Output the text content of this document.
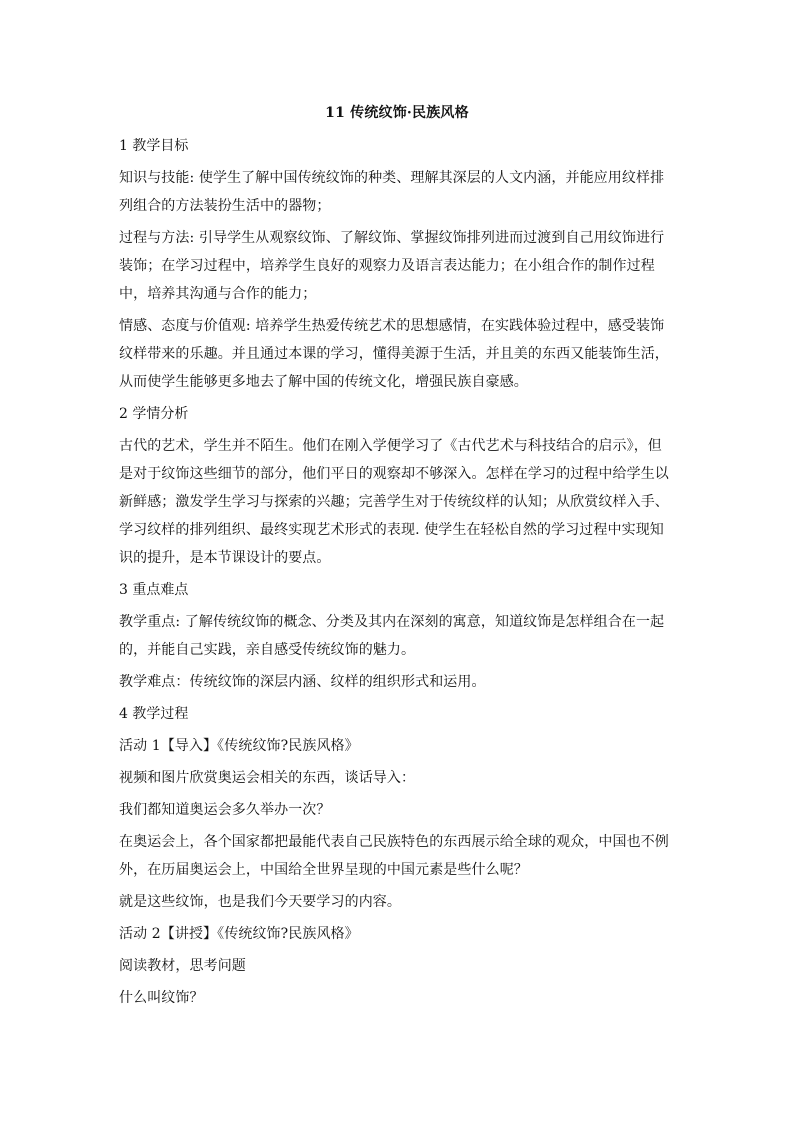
11 传统纹饰·民族风格
1 教学目标
知识与技能: 使学生了解中国传统纹饰的种类、理解其深层的人文内涵，并能应用纹样排列组合的方法装扮生活中的器物；
过程与方法: 引导学生从观察纹饰、了解纹饰、掌握纹饰排列进而过渡到自己用纹饰进行装饰；在学习过程中，培养学生良好的观察力及语言表达能力；在小组合作的制作过程中，培养其沟通与合作的能力；
情感、态度与价值观: 培养学生热爱传统艺术的思想感情，在实践体验过程中，感受装饰纹样带来的乐趣。并且通过本课的学习，懂得美源于生活，并且美的东西又能装饰生活，从而使学生能够更多地去了解中国的传统文化，增强民族自豪感。
2 学情分析
古代的艺术，学生并不陌生。他们在刚入学便学习了《古代艺术与科技结合的启示》，但是对于纹饰这些细节的部分，他们平日的观察却不够深入。怎样在学习的过程中给学生以新鲜感；激发学生学习与探索的兴趣；完善学生对于传统纹样的认知；从欣赏纹样入手、学习纹样的排列组织、最终实现艺术形式的表现. 使学生在轻松自然的学习过程中实现知识的提升，是本节课设计的要点。
3 重点难点
教学重点: 了解传统纹饰的概念、分类及其内在深刻的寓意，知道纹饰是怎样组合在一起的，并能自己实践，亲自感受传统纹饰的魅力。
教学难点：传统纹饰的深层内涵、纹样的组织形式和运用。
4 教学过程
活动 1【导入】《传统纹饰?民族风格》
视频和图片欣赏奥运会相关的东西，谈话导入：
我们都知道奥运会多久举办一次？
在奥运会上，各个国家都把最能代表自己民族特色的东西展示给全球的观众，中国也不例外，在历届奥运会上，中国给全世界呈现的中国元素是些什么呢？
就是这些纹饰，也是我们今天要学习的内容。
活动 2【讲授】《传统纹饰?民族风格》
阅读教材，思考问题
什么叫纹饰？
